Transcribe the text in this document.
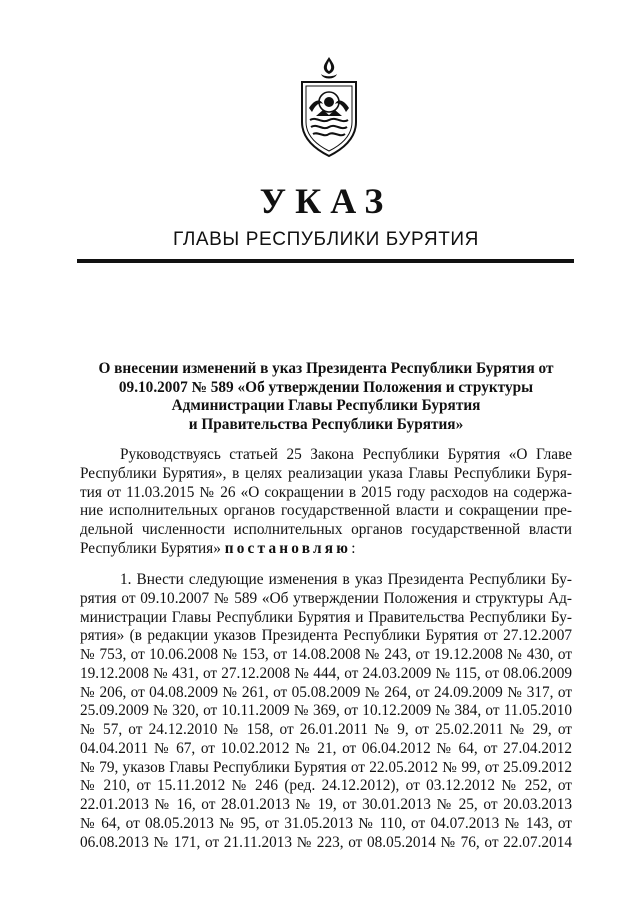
УКАЗ
ГЛАВЫ РЕСПУБЛИКИ БУРЯТИЯ
О внесении изменений в указ Президента Республики Бурятия от
09.10.2007 № 589 «Об утверждении Положения и структуры
Администрации Главы Республики Бурятия
и Правительства Республики Бурятия»
Руководствуясь статьей 25 Закона Республики Бурятия «О Главе
Республики Бурятия», в целях реализации указа Главы Республики Буря-
тия от 11.03.2015 № 26 «О сокращении в 2015 году расходов на содержа-
ние исполнительных органов государственной власти и сокращении пре-
дельной численности исполнительных органов государственной власти
Республики Бурятия» постановляю:
1. Внести следующие изменения в указ Президента Республики Бу-
рятия от 09.10.2007 № 589 «Об утверждении Положения и структуры Ад-
министрации Главы Республики Бурятия и Правительства Республики Бу-
рятия» (в редакции указов Президента Республики Бурятия от 27.12.2007
№ 753, от 10.06.2008 № 153, от 14.08.2008 № 243, от 19.12.2008 № 430, от
19.12.2008 № 431, от 27.12.2008 № 444, от 24.03.2009 № 115, от 08.06.2009
№ 206, от 04.08.2009 № 261, от 05.08.2009 № 264, от 24.09.2009 № 317, от
25.09.2009 № 320, от 10.11.2009 № 369, от 10.12.2009 № 384, от 11.05.2010
№ 57, от 24.12.2010 № 158, от 26.01.2011 № 9, от 25.02.2011 № 29, от
04.04.2011 № 67, от 10.02.2012 № 21, от 06.04.2012 № 64, от 27.04.2012
№ 79, указов Главы Республики Бурятия от 22.05.2012 № 99, от 25.09.2012
№ 210, от 15.11.2012 № 246 (ред. 24.12.2012), от 03.12.2012 № 252, от
22.01.2013 № 16, от 28.01.2013 № 19, от 30.01.2013 № 25, от 20.03.2013
№ 64, от 08.05.2013 № 95, от 31.05.2013 № 110, от 04.07.2013 № 143, от
06.08.2013 № 171, от 21.11.2013 № 223, от 08.05.2014 № 76, от 22.07.2014
